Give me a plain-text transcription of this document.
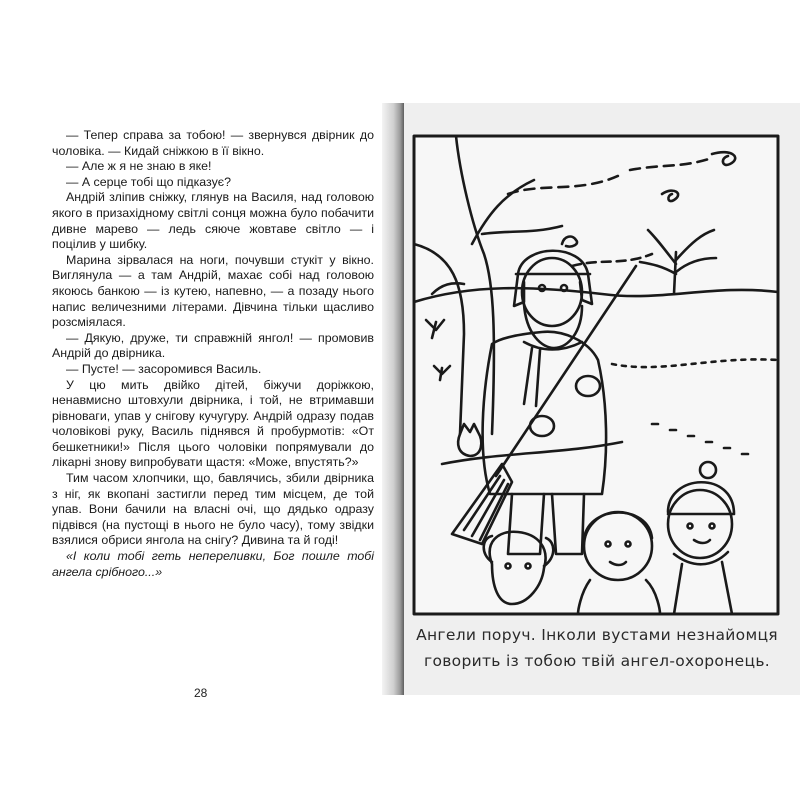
— Тепер справа за тобою! — звернувся двірник до чоловіка. — Кидай сніжкою в її вікно.

— Але ж я не знаю в яке!

— А серце тобі що підказує?

Андрій зліпив сніжку, глянув на Василя, над головою якого в призахідному світлі сонця можна було побачити дивне марево — ледь сяюче жовтаве світло — і поцілив у шибку.

Марина зірвалася на ноги, почувши стукіт у вікно. Виглянула — а там Андрій, махає собі над головою якоюсь банкою — із кутею, напевно, — а позаду нього напис величезними літерами. Дівчина тільки щасливо розсміялася.

— Дякую, друже, ти справжній янгол! — промовив Андрій до двірника.

— Пусте! — засоромився Василь.

У цю мить двійко дітей, біжучи доріжкою, ненавмисно штовхули двірника, і той, не втримавши рівноваги, упав у снігову кучугуру. Андрій одразу подав чоловікові руку, Василь піднявся й пробурмотів: «От бешкетники!» Після цього чоловіки попрямували до лікарні знову випробувати щастя: «Може, впустять?»

Тим часом хлопчики, що, бавлячись, збили двірника з ніг, як вкопані застигли перед тим місцем, де той упав. Вони бачили на власні очі, що дядько одразу підвівся (на пустощі в нього не було часу), тому звідки взялися обриси янгола на снігу? Дивина та й годі!

«І коли тобі геть непереливки, Бог пошле тобі ангела срібного...»

28
Ангели поруч. Інколи вустами незнайомця
говорить із тобою твій ангел-охоронець.
